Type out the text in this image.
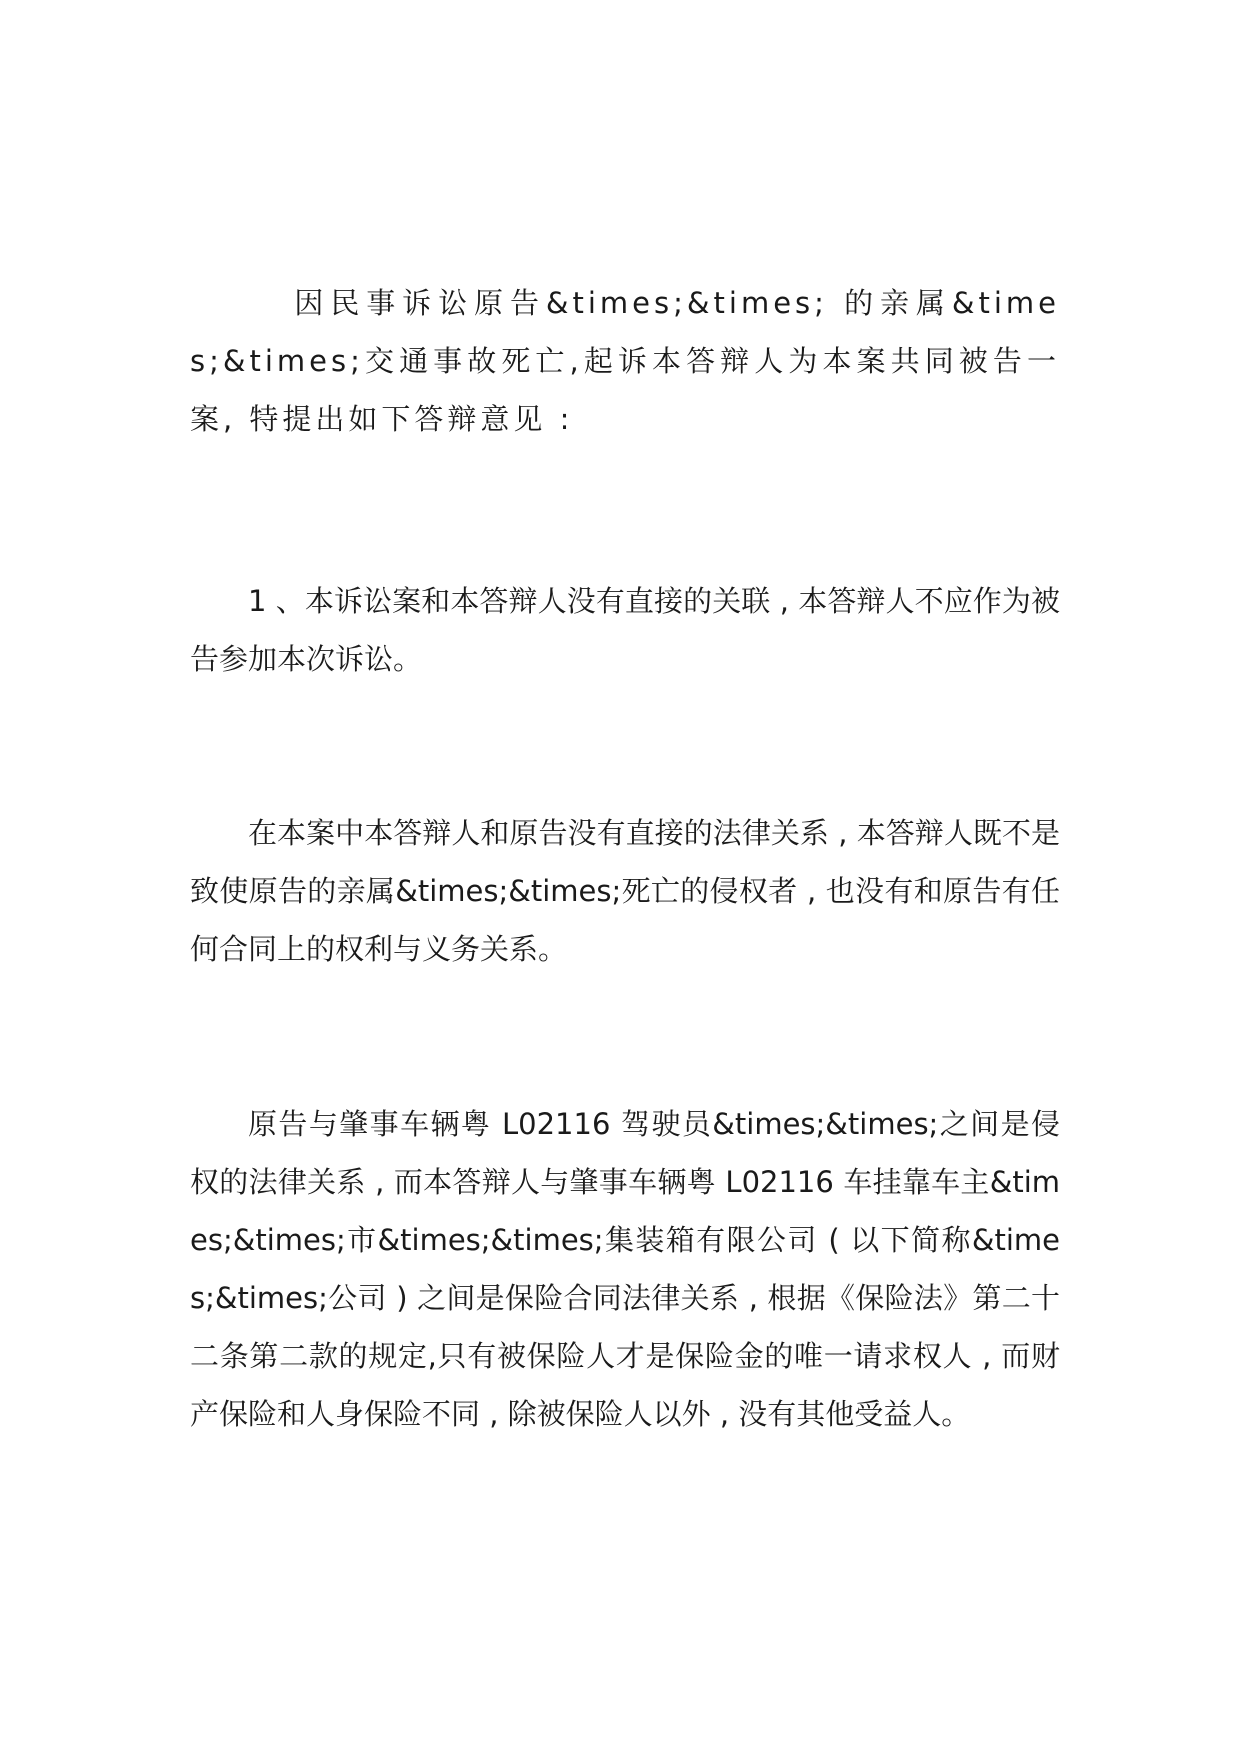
因民事诉讼原告&times;&times; 的亲属&times;&times;交通事故死亡,起诉本答辩人为本案共同被告一案, 特提出如下答辩意见 :

1 、本诉讼案和本答辩人没有直接的关联 , 本答辩人不应作为被告参加本次诉讼。

在本案中本答辩人和原告没有直接的法律关系 , 本答辩人既不是致使原告的亲属&times;&times;死亡的侵权者 , 也没有和原告有任何合同上的权利与义务关系。

原告与肇事车辆粤 L02116 驾驶员&times;&times;之间是侵权的法律关系 , 而本答辩人与肇事车辆粤 L02116 车挂靠车主&times;&times;市&times;&times;集装箱有限公司 ( 以下简称&times;&times;公司 ) 之间是保险合同法律关系 , 根据《保险法》第二十二条第二款的规定,只有被保险人才是保险金的唯一请求权人 , 而财产保险和人身保险不同 , 除被保险人以外 , 没有其他受益人。
